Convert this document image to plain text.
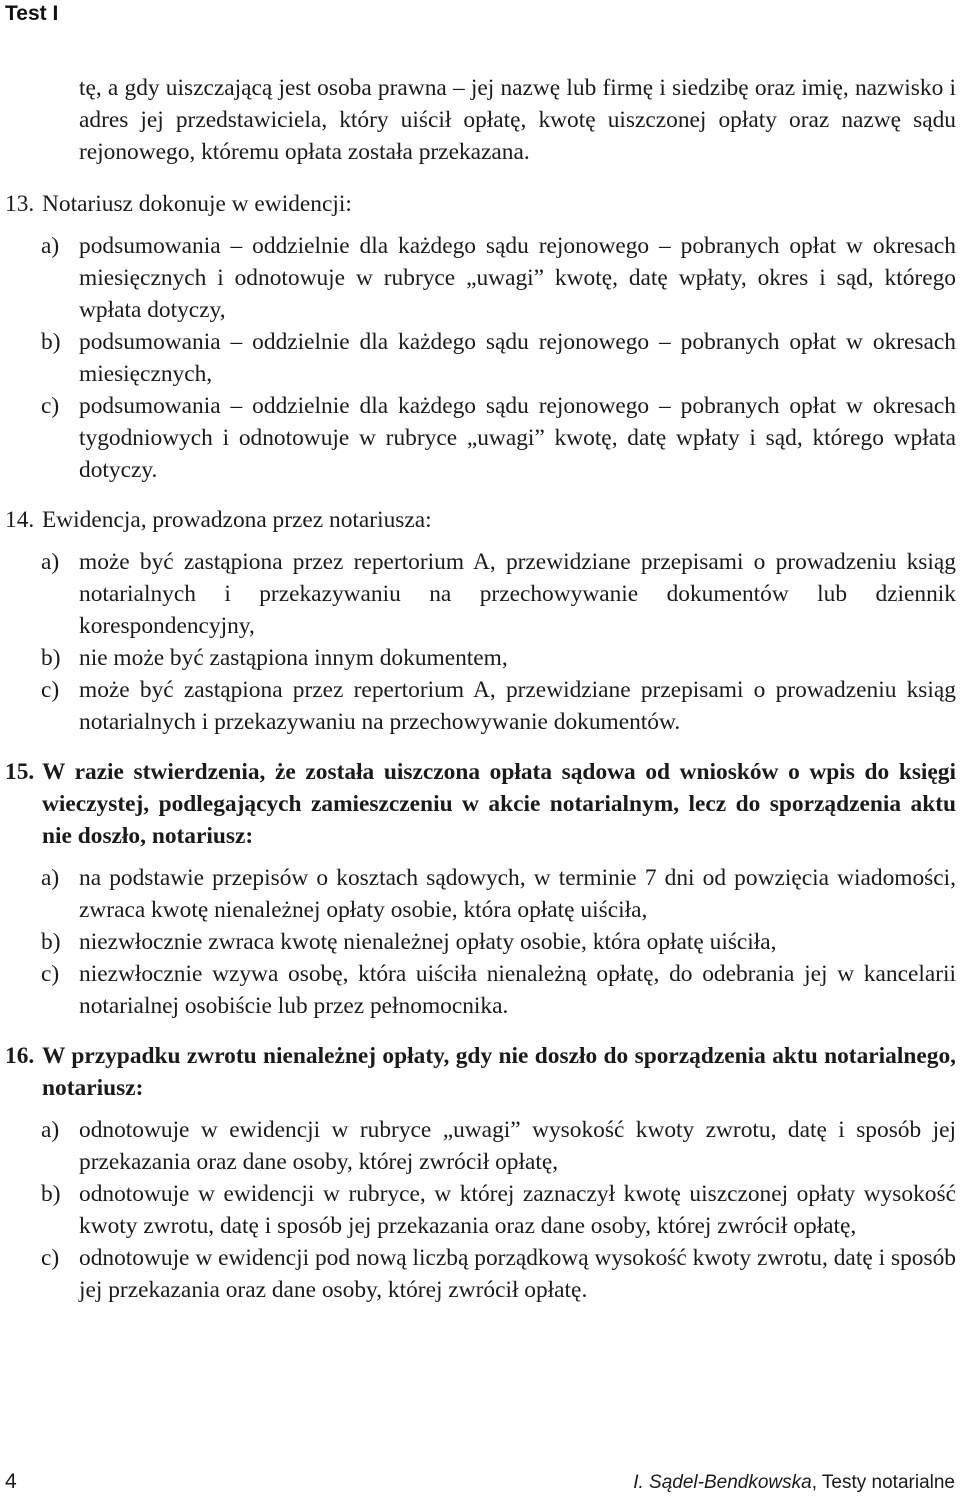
Test I
tę, a gdy uiszczającą jest osoba prawna – jej nazwę lub firmę i siedzibę oraz imię, nazwisko i adres jej przedstawiciela, który uiścił opłatę, kwotę uiszczonej opłaty oraz nazwę sądu rejonowego, któremu opłata została przekazana.
13. Notariusz dokonuje w ewidencji:
a) podsumowania – oddzielnie dla każdego sądu rejonowego – pobranych opłat w okresach miesięcznych i odnotowuje w rubryce „uwagi” kwotę, datę wpłaty, okres i sąd, którego wpłata dotyczy,
b) podsumowania – oddzielnie dla każdego sądu rejonowego – pobranych opłat w okresach miesięcznych,
c) podsumowania – oddzielnie dla każdego sądu rejonowego – pobranych opłat w okresach tygodniowych i odnotowuje w rubryce „uwagi” kwotę, datę wpłaty i sąd, którego wpłata dotyczy.
14. Ewidencja, prowadzona przez notariusza:
a) może być zastąpiona przez repertorium A, przewidziane przepisami o prowadzeniu ksiąg notarialnych i przekazywaniu na przechowywanie dokumentów lub dziennik korespondencyjny,
b) nie może być zastąpiona innym dokumentem,
c) może być zastąpiona przez repertorium A, przewidziane przepisami o prowadzeniu ksiąg notarialnych i przekazywaniu na przechowywanie dokumentów.
15. W razie stwierdzenia, że została uiszczona opłata sądowa od wniosków o wpis do księgi wieczystej, podlegających zamieszczeniu w akcie notarialnym, lecz do sporządzenia aktu nie doszło, notariusz:
a) na podstawie przepisów o kosztach sądowych, w terminie 7 dni od powzięcia wiadomości, zwraca kwotę nienależnej opłaty osobie, która opłatę uiściła,
b) niezwłocznie zwraca kwotę nienależnej opłaty osobie, która opłatę uiściła,
c) niezwłocznie wzywa osobę, która uiściła nienależną opłatę, do odebrania jej w kancelarii notarialnej osobiście lub przez pełnomocnika.
16. W przypadku zwrotu nienależnej opłaty, gdy nie doszło do sporządzenia aktu notarialnego, notariusz:
a) odnotowuje w ewidencji w rubryce „uwagi” wysokość kwoty zwrotu, datę i sposób jej przekazania oraz dane osoby, której zwrócił opłatę,
b) odnotowuje w ewidencji w rubryce, w której zaznaczył kwotę uiszczonej opłaty wysokość kwoty zwrotu, datę i sposób jej przekazania oraz dane osoby, której zwrócił opłatę,
c) odnotowuje w ewidencji pod nową liczbą porządkową wysokość kwoty zwrotu, datę i sposób jej przekazania oraz dane osoby, której zwrócił opłatę.
4	I. Sądel-Bendkowska, Testy notarialne
